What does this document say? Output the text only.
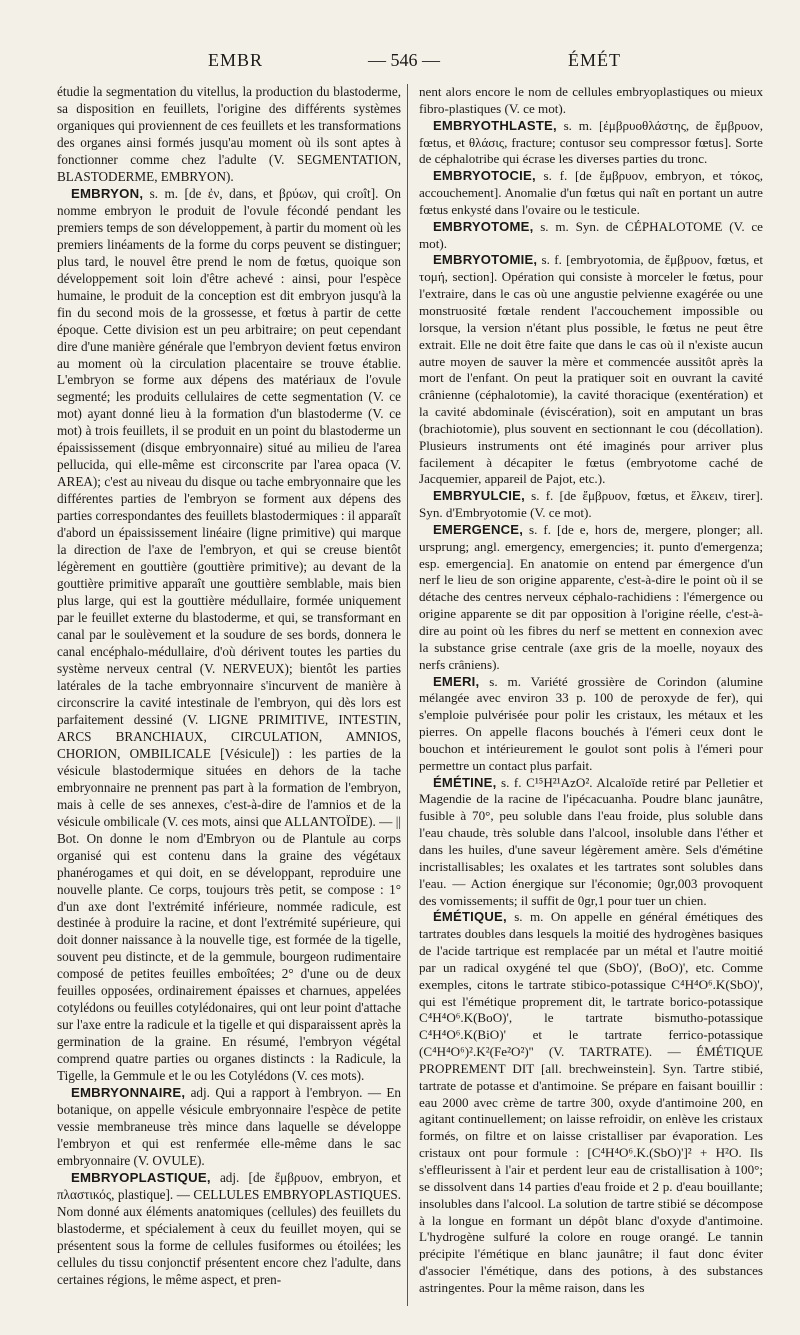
EMBR	— 546 —	ÉMÉT

étudie la segmentation du vitellus, la production du blastoderme, sa disposition en feuillets, l'origine des différents systèmes organiques qui proviennent de ces feuillets et les transformations des organes ainsi formés jusqu'au moment où ils sont aptes à fonctionner comme chez l'adulte (V. SEGMENTATION, BLASTODERME, EMBRYON).

EMBRYON, s. m. [de ἐν, dans, et βρύων, qui croît]. On nomme embryon le produit de l'ovule fécondé pendant les premiers temps de son développement, à partir du moment où les premiers linéaments de la forme du corps peuvent se distinguer; plus tard, le nouvel être prend le nom de fœtus, quoique son développement soit loin d'être achevé : ainsi, pour l'espèce humaine, le produit de la conception est dit embryon jusqu'à la fin du second mois de la grossesse, et fœtus à partir de cette époque. Cette division est un peu arbitraire; on peut cependant dire d'une manière générale que l'embryon devient fœtus environ au moment où la circulation placentaire se trouve établie. L'embryon se forme aux dépens des matériaux de l'ovule segmenté; les produits cellulaires de cette segmentation (V. ce mot) ayant donné lieu à la formation d'un blastoderme (V. ce mot) à trois feuillets, il se produit en un point du blastoderme un épaississement (disque embryonnaire) situé au milieu de l'area pellucida, qui elle-même est circonscrite par l'area opaca (V. AREA); c'est au niveau du disque ou tache embryonnaire que les différentes parties de l'embryon se forment aux dépens des parties correspondantes des feuillets blastodermiques : il apparaît d'abord un épaississement linéaire (ligne primitive) qui marque la direction de l'axe de l'embryon, et qui se creuse bientôt légèrement en gouttière (gouttière primitive); au devant de la gouttière primitive apparaît une gouttière semblable, mais bien plus large, qui est la gouttière médullaire, formée uniquement par le feuillet externe du blastoderme, et qui, se transformant en canal par le soulèvement et la soudure de ses bords, donnera le canal encéphalo-médullaire, d'où dérivent toutes les parties du système nerveux central (V. NERVEUX); bientôt les parties latérales de la tache embryonnaire s'incurvent de manière à circonscrire la cavité intestinale de l'embryon, qui dès lors est parfaitement dessiné (V. LIGNE PRIMITIVE, INTESTIN, ARCS BRANCHIAUX, CIRCULATION, AMNIOS, CHORION, OMBILICALE [Vésicule]) : les parties de la vésicule blastodermique situées en dehors de la tache embryonnaire ne prennent pas part à la formation de l'embryon, mais à celle de ses annexes, c'est-à-dire de l'amnios et de la vésicule ombilicale (V. ces mots, ainsi que ALLANTOÏDE). — || Bot. On donne le nom d'Embryon ou de Plantule au corps organisé qui est contenu dans la graine des végétaux phanérogames et qui doit, en se développant, reproduire une nouvelle plante. Ce corps, toujours très petit, se compose : 1° d'un axe dont l'extrémité inférieure, nommée radicule, est destinée à produire la racine, et dont l'extrémité supérieure, qui doit donner naissance à la nouvelle tige, est formée de la tigelle, souvent peu distincte, et de la gemmule, bourgeon rudimentaire composé de petites feuilles emboîtées; 2° d'une ou de deux feuilles opposées, ordinairement épaisses et charnues, appelées cotylédons ou feuilles cotylédonaires, qui ont leur point d'attache sur l'axe entre la radicule et la tigelle et qui disparaissent après la germination de la graine. En résumé, l'embryon végétal comprend quatre parties ou organes distincts : la Radicule, la Tigelle, la Gemmule et le ou les Cotylédons (V. ces mots).

EMBRYONNAIRE, adj. Qui a rapport à l'embryon. — En botanique, on appelle vésicule embryonnaire l'espèce de petite vessie membraneuse très mince dans laquelle se développe l'embryon et qui est renfermée elle-même dans le sac embryonnaire (V. OVULE).

EMBRYOPLASTIQUE, adj. [de ἔμβρυον, embryon, et πλαστικός, plastique]. — CELLULES EMBRYOPLASTIQUES. Nom donné aux éléments anatomiques (cellules) des feuillets du blastoderme, et spécialement à ceux du feuillet moyen, qui se présentent sous la forme de cellules fusiformes ou étoilées; les cellules du tissu conjonctif présentent encore chez l'adulte, dans certaines régions, le même aspect, et pren-

nent alors encore le nom de cellules embryoplastiques ou mieux fibro-plastiques (V. ce mot).

EMBRYOTHLASTE, s. m. [ἐμβρυοθλάστης, de ἔμβρυον, fœtus, et θλάσις, fracture; contusor seu compressor fœtus]. Sorte de céphalotribe qui écrase les diverses parties du tronc.

EMBRYOTOCIE, s. f. [de ἔμβρυον, embryon, et τόκος, accouchement]. Anomalie d'un fœtus qui naît en portant un autre fœtus enkysté dans l'ovaire ou le testicule.

EMBRYOTOME, s. m. Syn. de CÉPHALOTOME (V. ce mot).

EMBRYOTOMIE, s. f. [embryotomia, de ἔμβρυον, fœtus, et τομή, section]. Opération qui consiste à morceler le fœtus, pour l'extraire, dans le cas où une angustie pelvienne exagérée ou une monstruosité fœtale rendent l'accouchement impossible ou lorsque, la version n'étant plus possible, le fœtus ne peut être extrait. Elle ne doit être faite que dans le cas où il n'existe aucun autre moyen de sauver la mère et commencée aussitôt après la mort de l'enfant. On peut la pratiquer soit en ouvrant la cavité crânienne (céphalotomie), la cavité thoracique (exentération) et la cavité abdominale (éviscération), soit en amputant un bras (brachiotomie), plus souvent en sectionnant le cou (décollation). Plusieurs instruments ont été imaginés pour arriver plus facilement à décapiter le fœtus (embryotome caché de Jacquemier, appareil de Pajot, etc.).

EMBRYULCIE, s. f. [de ἔμβρυον, fœtus, et ἕλκειν, tirer]. Syn. d'Embryotomie (V. ce mot).

EMERGENCE, s. f. [de e, hors de, mergere, plonger; all. ursprung; angl. emergency, emergencies; it. punto d'emergenza; esp. emergencia]. En anatomie on entend par émergence d'un nerf le lieu de son origine apparente, c'est-à-dire le point où il se détache des centres nerveux céphalo-rachidiens : l'émergence ou origine apparente se dit par opposition à l'origine réelle, c'est-à-dire au point où les fibres du nerf se mettent en connexion avec la substance grise centrale (axe gris de la moelle, noyaux des nerfs crâniens).

EMERI, s. m. Variété grossière de Corindon (alumine mélangée avec environ 33 p. 100 de peroxyde de fer), qui s'emploie pulvérisée pour polir les cristaux, les métaux et les pierres. On appelle flacons bouchés à l'émeri ceux dont le bouchon et intérieurement le goulot sont polis à l'émeri pour permettre un contact plus parfait.

ÉMÉTINE, s. f. C¹⁵H²¹AzO². Alcaloïde retiré par Pelletier et Magendie de la racine de l'ipécacuanha. Poudre blanc jaunâtre, fusible à 70°, peu soluble dans l'eau froide, plus soluble dans l'eau chaude, très soluble dans l'alcool, insoluble dans l'éther et dans les huiles, d'une saveur légèrement amère. Sels d'émétine incristallisables; les oxalates et les tartrates sont solubles dans l'eau. — Action énergique sur l'économie; 0gr,003 provoquent des vomissements; il suffit de 0gr,1 pour tuer un chien.

ÉMÉTIQUE, s. m. On appelle en général émétiques des tartrates doubles dans lesquels la moitié des hydrogènes basiques de l'acide tartrique est remplacée par un métal et l'autre moitié par un radical oxygéné tel que (SbO)', (BoO)', etc. Comme exemples, citons le tartrate stibico-potassique C⁴H⁴O⁶.K(SbO)', qui est l'émétique proprement dit, le tartrate borico-potassique C⁴H⁴O⁶.K(BoO)', le tartrate bismutho-potassique C⁴H⁴O⁶.K(BiO)' et le tartrate ferrico-potassique (C⁴H⁴O⁶)².K²(Fe²O²)'' (V. TARTRATE). — ÉMÉTIQUE PROPREMENT DIT [all. brechweinstein]. Syn. Tartre stibié, tartrate de potasse et d'antimoine. Se prépare en faisant bouillir : eau 2000 avec crème de tartre 300, oxyde d'antimoine 200, en agitant continuellement; on laisse refroidir, on enlève les cristaux formés, on filtre et on laisse cristalliser par évaporation. Les cristaux ont pour formule : [C⁴H⁴O⁶.K.(SbO)']² + H²O. Ils s'effleurissent à l'air et perdent leur eau de cristallisation à 100°; se dissolvent dans 14 parties d'eau froide et 2 p. d'eau bouillante; insolubles dans l'alcool. La solution de tartre stibié se décompose à la longue en formant un dépôt blanc d'oxyde d'antimoine. L'hydrogène sulfuré la colore en rouge orangé. Le tannin précipite l'émétique en blanc jaunâtre; il faut donc éviter d'associer l'émétique, dans des potions, à des substances astringentes. Pour la même raison, dans les
